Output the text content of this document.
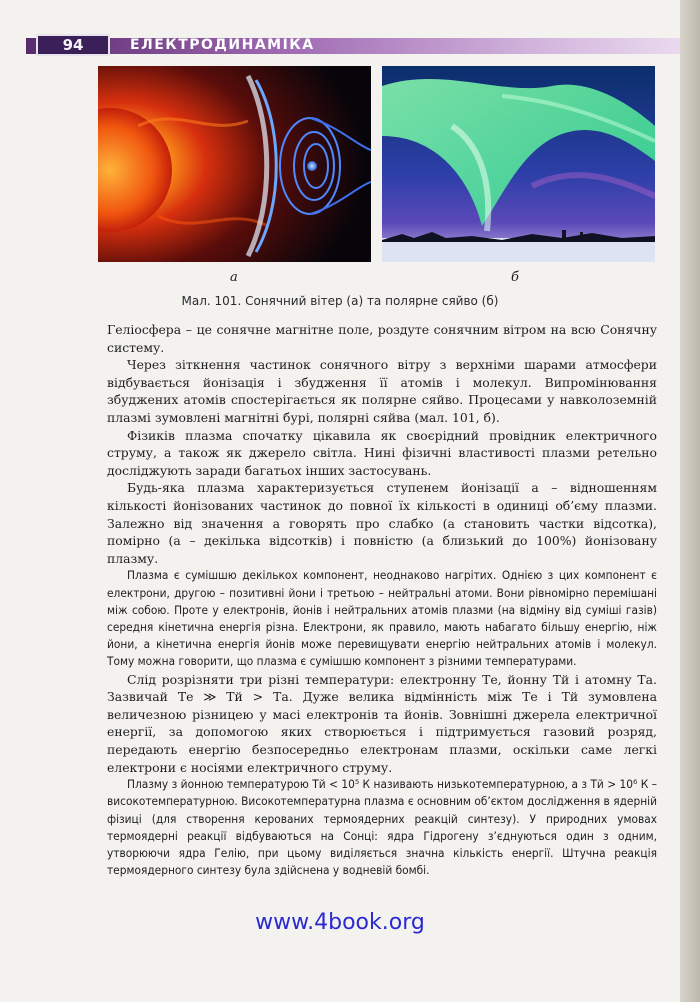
94	ЕЛЕКТРОДИНАМІКА
а	б
Мал. 101. Сонячний вітер (а) та полярне сяйво (б)

Геліосфера – це сонячне магнітне поле, роздуте сонячним вітром на всю Сонячну систему.

Через зіткнення частинок сонячного вітру з верхніми шарами атмосфери відбувається йонізація і збудження її атомів і молекул. Випромінювання збуджених атомів спостерігається як полярне сяйво. Процесами у навколоземній плазмі зумовлені магнітні бурі, полярні сяйва (мал. 101, б).

Фізиків плазма спочатку цікавила як своєрідний провідник електричного струму, а також як джерело світла. Нині фізичні властивості плазми ретельно досліджують заради багатьох інших застосувань.

Будь-яка плазма характеризується ступенем йонізації а – відношенням кількості йонізованих частинок до повної їх кількості в одиниці об’єму плазми. Залежно від значення а говорять про слабко (а становить частки відсотка), помірно (а – декілька відсотків) і повністю (а близький до 100%) йонізовану плазму.

Плазма є сумішшю декількох компонент, неоднаково нагрітих. Однією з цих компонент є електрони, другою – позитивні йони і третьою – нейтральні атоми. Вони рівномірно перемішані між собою. Проте у електронів, йонів і нейтральних атомів плазми (на відміну від суміші газів) середня кінетична енергія різна. Електрони, як правило, мають набагато більшу енергію, ніж йони, а кінетична енергія йонів може перевищувати енергію нейтральних атомів і молекул. Тому можна говорити, що плазма є сумішшю компонент з різними температурами.

Слід розрізняти три різні температури: електронну Tе, йонну Tй і атомну Tа. Зазвичай Tе ≫ Tй > Tа. Дуже велика відмінність між Tе і Tй зумовлена величезною різницею у масі електронів та йонів. Зовнішні джерела електричної енергії, за допомогою яких створюється і підтримується газовий розряд, передають енергію безпосередньо електронам плазми, оскільки саме легкі електрони є носіями електричного струму.

Плазму з йонною температурою Tй < 10⁵ К називають низькотемпературною, а з Tй > 10⁶ К – високотемпературною. Високотемпературна плазма є основним об’єктом дослідження в ядерній фізиці (для створення керованих термоядерних реакцій синтезу). У природних умовах термоядерні реакції відбуваються на Сонці: ядра Гідрогену з’єднуються один з одним, утворюючи ядра Гелію, при цьому виділяється значна кількість енергії. Штучна реакція термоядерного синтезу була здійснена у водневій бомбі.

www.4book.org
